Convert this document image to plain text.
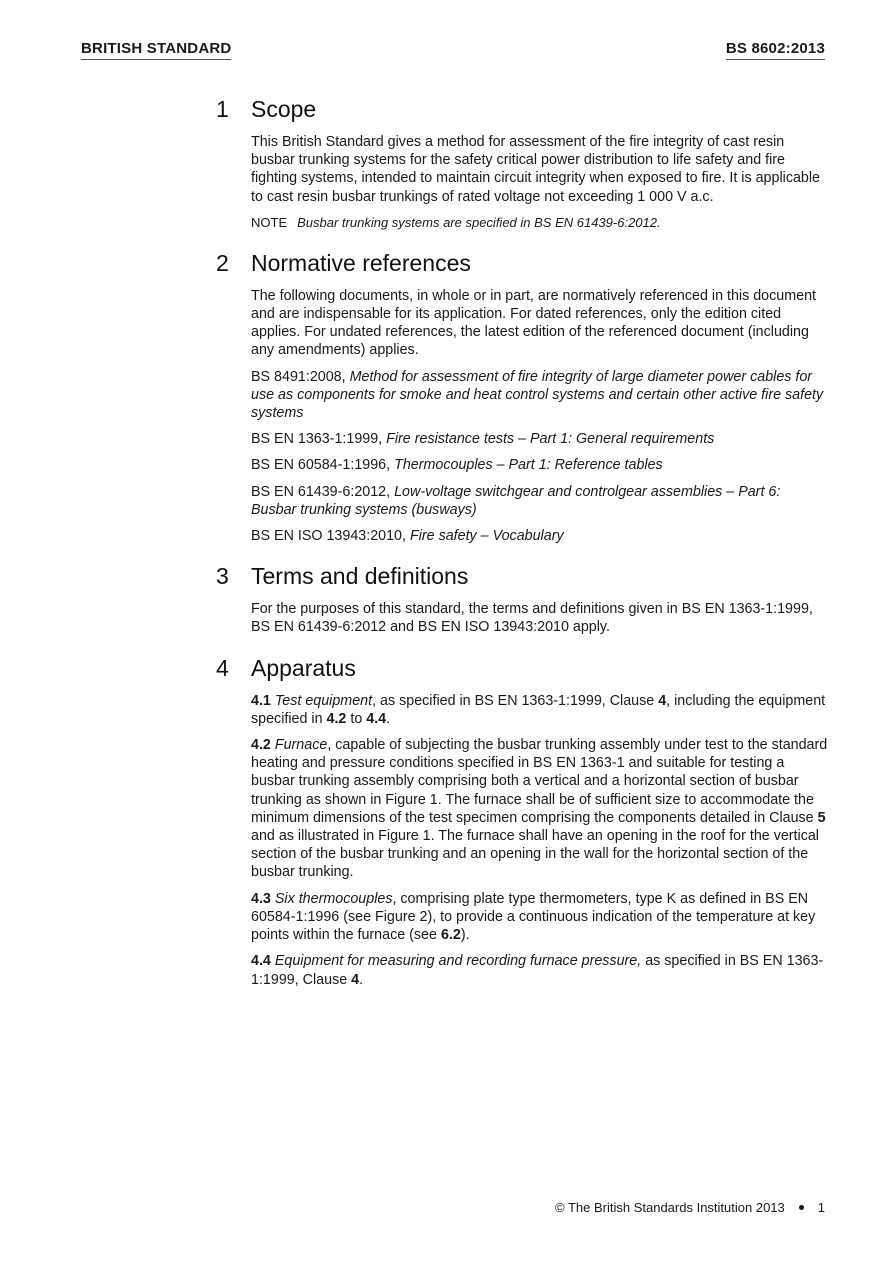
BRITISH STANDARD	BS 8602:2013
1 Scope

This British Standard gives a method for assessment of the fire integrity of cast resin busbar trunking systems for the safety critical power distribution to life safety and fire fighting systems, intended to maintain circuit integrity when exposed to fire. It is applicable to cast resin busbar trunkings of rated voltage not exceeding 1 000 V a.c.

NOTE Busbar trunking systems are specified in BS EN 61439-6:2012.

2 Normative references

The following documents, in whole or in part, are normatively referenced in this document and are indispensable for its application. For dated references, only the edition cited applies. For undated references, the latest edition of the referenced document (including any amendments) applies.

BS 8491:2008, Method for assessment of fire integrity of large diameter power cables for use as components for smoke and heat control systems and certain other active fire safety systems

BS EN 1363-1:1999, Fire resistance tests – Part 1: General requirements

BS EN 60584-1:1996, Thermocouples – Part 1: Reference tables

BS EN 61439-6:2012, Low-voltage switchgear and controlgear assemblies – Part 6: Busbar trunking systems (busways)

BS EN ISO 13943:2010, Fire safety – Vocabulary

3 Terms and definitions

For the purposes of this standard, the terms and definitions given in BS EN 1363-1:1999, BS EN 61439-6:2012 and BS EN ISO 13943:2010 apply.

4 Apparatus

4.1 Test equipment, as specified in BS EN 1363-1:1999, Clause 4, including the equipment specified in 4.2 to 4.4.

4.2 Furnace, capable of subjecting the busbar trunking assembly under test to the standard heating and pressure conditions specified in BS EN 1363-1 and suitable for testing a busbar trunking assembly comprising both a vertical and a horizontal section of busbar trunking as shown in Figure 1. The furnace shall be of sufficient size to accommodate the minimum dimensions of the test specimen comprising the components detailed in Clause 5 and as illustrated in Figure 1. The furnace shall have an opening in the roof for the vertical section of the busbar trunking and an opening in the wall for the horizontal section of the busbar trunking.

4.3 Six thermocouples, comprising plate type thermometers, type K as defined in BS EN 60584-1:1996 (see Figure 2), to provide a continuous indication of the temperature at key points within the furnace (see 6.2).

4.4 Equipment for measuring and recording furnace pressure, as specified in BS EN 1363-1:1999, Clause 4.

© The British Standards Institution 2013	1
